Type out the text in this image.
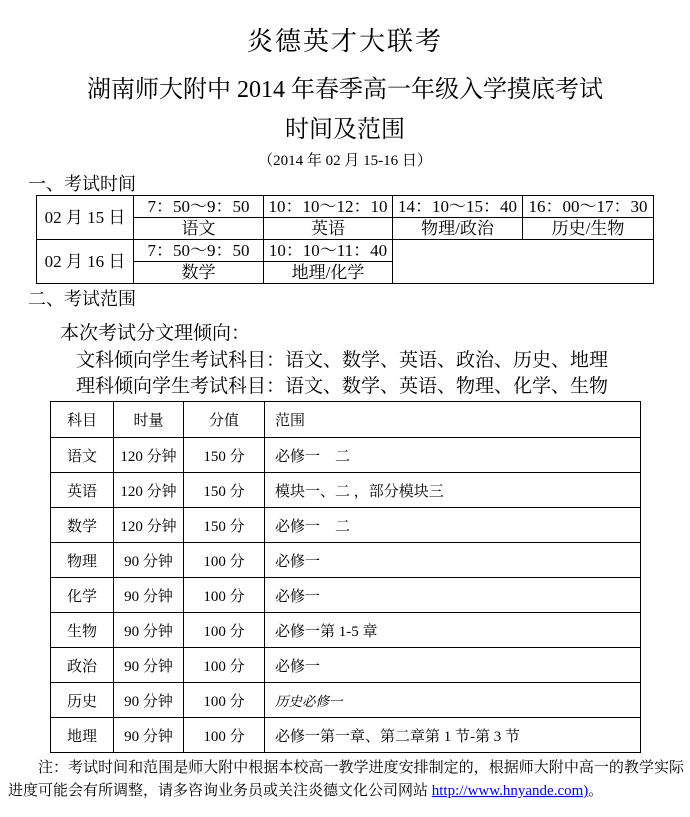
炎德英才大联考
湖南师大附中 2014 年春季高一年级入学摸底考试
时间及范围
（2014 年 02 月 15-16 日）
一、考试时间
02 月 15 日	7：50～9：50	10：10～12：10	14：10～15：40	16：00～17：30
	语文	英语	物理/政治	历史/生物
02 月 16 日	7：50～9：50	10：10～11：40		
	数学	地理/化学		
二、考试范围
本次考试分文理倾向：
文科倾向学生考试科目：语文、数学、英语、政治、历史、地理
理科倾向学生考试科目：语文、数学、英语、物理、化学、生物
科目	时量	分值	范围
语文	120 分钟	150 分	必修一　二
英语	120 分钟	150 分	模块一、二 ，部分模块三
数学	120 分钟	150 分	必修一　二
物理	90 分钟	100 分	必修一
化学	90 分钟	100 分	必修一
生物	90 分钟	100 分	必修一第 1-5 章
政治	90 分钟	100 分	必修一
历史	90 分钟	100 分	历史必修一
地理	90 分钟	100 分	必修一第一章、第二章第 1 节-第 3 节
注：考试时间和范围是师大附中根据本校高一教学进度安排制定的，根据师大附中高一的教学实际进度可能会有所调整，请多咨询业务员或关注炎德文化公司网站 http://www.hnyande.com)。
